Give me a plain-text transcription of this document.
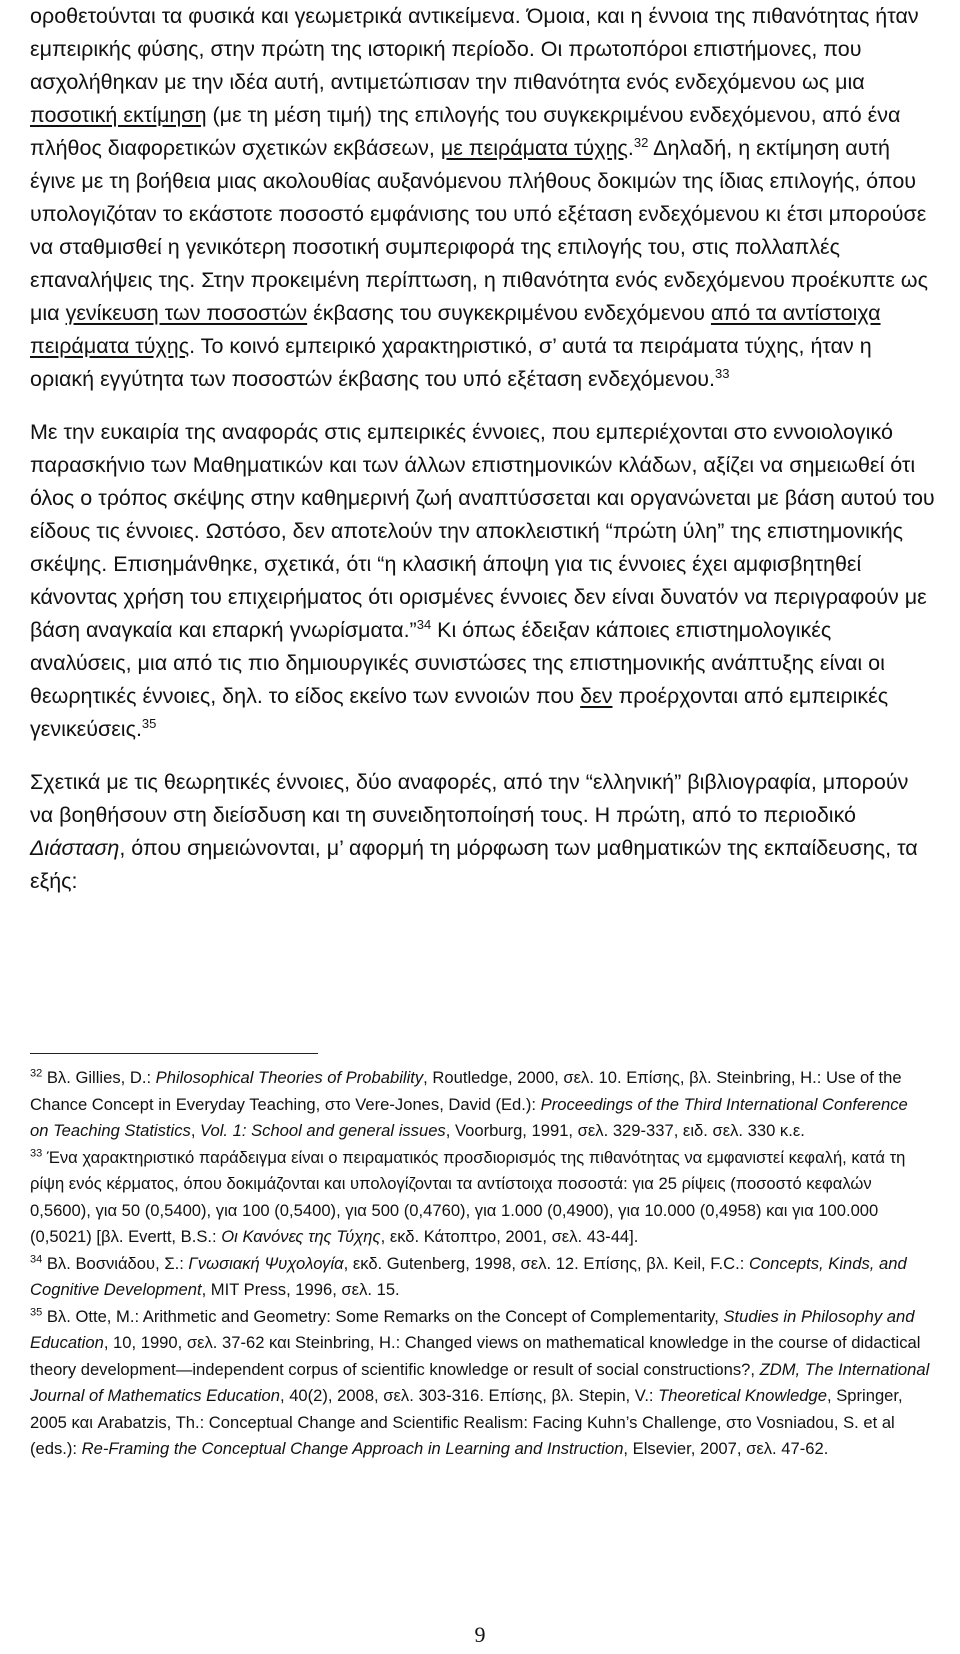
οροθετούνται τα φυσικά και γεωμετρικά αντικείμενα. Όμοια, και η έννοια της πιθανότητας ήταν εμπειρικής φύσης, στην πρώτη της ιστορική περίοδο. Οι πρωτοπόροι επιστήμονες, που ασχολήθηκαν με την ιδέα αυτή, αντιμετώπισαν την πιθανότητα ενός ενδεχόμενου ως μια ποσοτική εκτίμηση (με τη μέση τιμή) της επιλογής του συγκεκριμένου ενδεχόμενου, από ένα πλήθος διαφορετικών σχετικών εκβάσεων, με πειράματα τύχης.$^{32}$ Δηλαδή, η εκτίμηση αυτή έγινε με τη βοήθεια μιας ακολουθίας αυξανόμενου πλήθους δοκιμών της ίδιας επιλογής, όπου υπολογιζόταν το εκάστοτε ποσοστό εμφάνισης του υπό εξέταση ενδεχόμενου κι έτσι μπορούσε να σταθμισθεί η γενικότερη ποσοτική συμπεριφορά της επιλογής του, στις πολλαπλές επαναλήψεις της. Στην προκειμένη περίπτωση, η πιθανότητα ενός ενδεχόμενου προέκυπτε ως μια γενίκευση των ποσοστών έκβασης του συγκεκριμένου ενδεχόμενου από τα αντίστοιχα πειράματα τύχης. Το κοινό εμπειρικό χαρακτηριστικό, σ’ αυτά τα πειράματα τύχης, ήταν η οριακή εγγύτητα των ποσοστών έκβασης του υπό εξέταση ενδεχόμενου.$^{33}$

Με την ευκαιρία της αναφοράς στις εμπειρικές έννοιες, που εμπεριέχονται στο εννοιολογικό παρασκήνιο των Μαθηματικών και των άλλων επιστημονικών κλάδων, αξίζει να σημειωθεί ότι όλος ο τρόπος σκέψης στην καθημερινή ζωή αναπτύσσεται και οργανώνεται με βάση αυτού του είδους τις έννοιες. Ωστόσο, δεν αποτελούν την αποκλειστική “πρώτη ύλη” της επιστημονικής σκέψης. Επισημάνθηκε, σχετικά, ότι “η κλασική άποψη για τις έννοιες έχει αμφισβητηθεί κάνοντας χρήση του επιχειρήματος ότι ορισμένες έννοιες δεν είναι δυνατόν να περιγραφούν με βάση αναγκαία και επαρκή γνωρίσματα.”$^{34}$ Κι όπως έδειξαν κάποιες επιστημολογικές αναλύσεις, μια από τις πιο δημιουργικές συνιστώσες της επιστημονικής ανάπτυξης είναι οι θεωρητικές έννοιες, δηλ. το είδος εκείνο των εννοιών που δεν προέρχονται από εμπειρικές γενικεύσεις.$^{35}$

Σχετικά με τις θεωρητικές έννοιες, δύο αναφορές, από την “ελληνική” βιβλιογραφία, μπορούν να βοηθήσουν στη διείσδυση και τη συνειδητοποίησή τους. Η πρώτη, από το περιοδικό Διάσταση, όπου σημειώνονται, μ’ αφορμή τη μόρφωση των μαθηματικών της εκπαίδευσης, τα εξής:

$^{32}$ Βλ. Gillies, D.: Philosophical Theories of Probability, Routledge, 2000, σελ. 10. Επίσης, βλ. Steinbring, H.: Use of the Chance Concept in Everyday Teaching, στο Vere-Jones, David (Ed.): Proceedings of the Third International Conference on Teaching Statistics, Vol. 1: School and general issues, Voorburg, 1991, σελ. 329-337, ειδ. σελ. 330 κ.ε.

$^{33}$ Ένα χαρακτηριστικό παράδειγμα είναι ο πειραματικός προσδιορισμός της πιθανότητας να εμφανιστεί κεφαλή, κατά τη ρίψη ενός κέρματος, όπου δοκιμάζονται και υπολογίζονται τα αντίστοιχα ποσοστά: για 25 ρίψεις (ποσοστό κεφαλών 0,5600), για 50 (0,5400), για 100 (0,5400), για 500 (0,4760), για 1.000 (0,4900), για 10.000 (0,4958) και για 100.000 (0,5021) [βλ. Evertt, B.S.: Οι Κανόνες της Τύχης, εκδ. Κάτοπτρο, 2001, σελ. 43-44].

$^{34}$ Βλ. Βοσνιάδου, Σ.: Γνωσιακή Ψυχολογία, εκδ. Gutenberg, 1998, σελ. 12. Επίσης, βλ. Keil, F.C.: Concepts, Kinds, and Cognitive Development, MIT Press, 1996, σελ. 15.

$^{35}$ Βλ. Otte, M.: Arithmetic and Geometry: Some Remarks on the Concept of Complementarity, Studies in Philosophy and Education, 10, 1990, σελ. 37-62 και Steinbring, H.: Changed views on mathematical knowledge in the course of didactical theory development—independent corpus of scientific knowledge or result of social constructions?, ZDM, The International Journal of Mathematics Education, 40(2), 2008, σελ. 303-316. Επίσης, βλ. Stepin, V.: Theoretical Knowledge, Springer, 2005 και Arabatzis, Th.: Conceptual Change and Scientific Realism: Facing Kuhn’s Challenge, στο Vosniadou, S. et al (eds.): Re-Framing the Conceptual Change Approach in Learning and Instruction, Elsevier, 2007, σελ. 47-62.

9
